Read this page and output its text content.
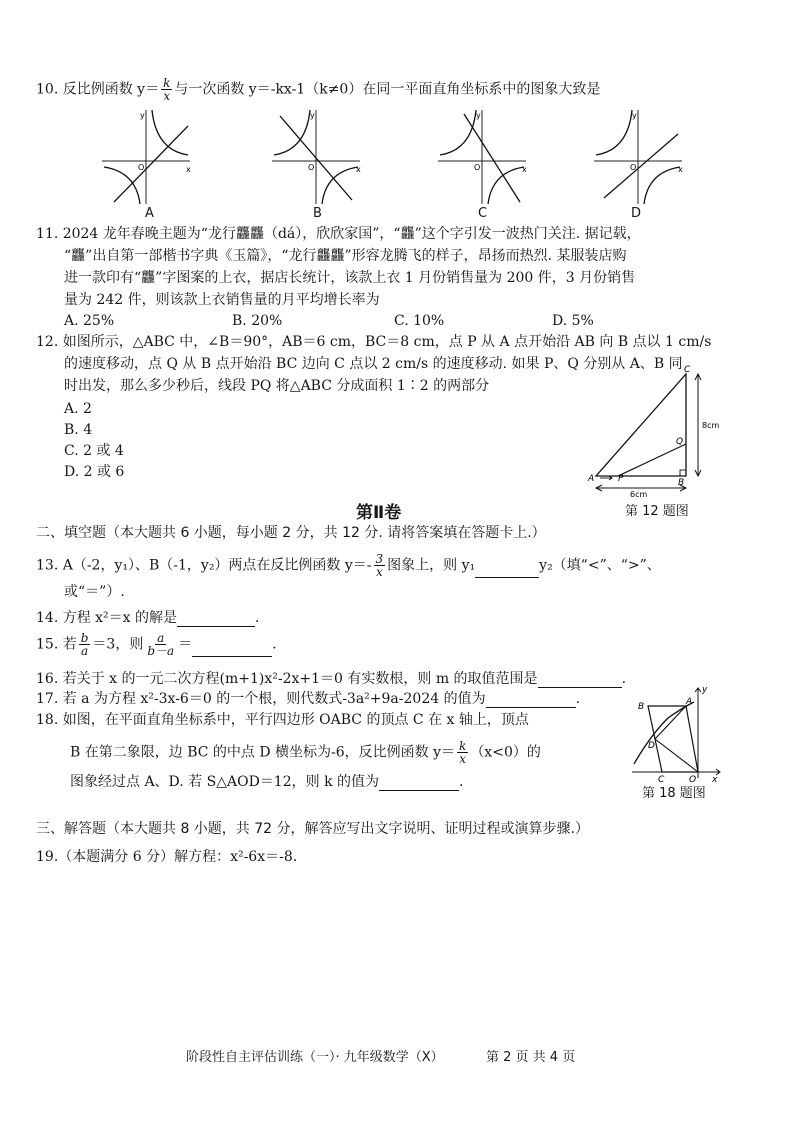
10. 反比例函数 $y= \frac{k}{x}$ 与一次函数 y＝-kx-1（k≠0）在同一平面直角坐标系中的图象大致是
y
x
O
A
y
x
O
B
y
x
O
C
y
x
O
D
11. 2024 龙年春晚主题为“龙行龘龘（dá），欣欣家国”，“龘”这个字引发一波热门关注. 据记载，
“龘”出自第一部楷书字典《玉篇》，“龙行龘龘”形容龙腾飞的样子，昂扬而热烈. 某服装店购
进一款印有“龘”字图案的上衣，据店长统计，该款上衣 1 月份销售量为 200 件，3 月份销售
量为 242 件，则该款上衣销售量的月平均增长率为
A. 25%	B. 20%	C. 10%	D. 5%
12. 如图所示，△ABC 中，∠B＝90°，AB＝6 cm，BC＝8 cm，点 P 从 A 点开始沿 AB 向 B 点以 1 cm/s
的速度移动，点 Q 从 B 点开始沿 BC 边向 C 点以 2 cm/s 的速度移动. 如果 P、Q 分别从 A、B 同
时出发，那么多少秒后，线段 PQ 将△ABC 分成面积 1∶2 的两部分
A. 2
B. 4
C. 2 或 4
D. 2 或 6
C
Q
A	P	B
8cm
6cm
第 12 题图
第Ⅱ卷
二、填空题（本大题共 6 小题，每小题 2 分，共 12 分. 请将答案填在答题卡上.）
13. A（-2，y₁）、B（-1，y₂）两点在反比例函数 $y=- \frac{3}{x}$ 图象上，则 y₁	y₂（填“<”、“>”、
或“＝”）.
14. 方程 x²＝x 的解是	.
15. 若 $\frac{b}{a} =3$，则 $\frac{a}{b-a}$ ＝	.
16. 若关于 x 的一元二次方程(m+1)x²-2x+1＝0 有实数根，则 m 的取值范围是	.
17. 若 a 为方程 x²-3x-6＝0 的一个根，则代数式-3a²+9a-2024 的值为	.
18. 如图，在平面直角坐标系中，平行四边形 OABC 的顶点 C 在 x 轴上，顶点
B 在第二象限，边 BC 的中点 D 横坐标为-6，反比例函数 $y= \frac{k}{x} (x<0)$的
图象经过点 A、D. 若 S△AOD＝12，则 k 的值为	.
B	A
D
C	O x
y
第 18 题图
三、解答题（本大题共 8 小题，共 72 分，解答应写出文字说明、证明过程或演算步骤.）
19.（本题满分 6 分）解方程：x²-6x＝-8.
阶段性自主评估训练（一）· 九年级数学（X）	第 2 页 共 4 页
